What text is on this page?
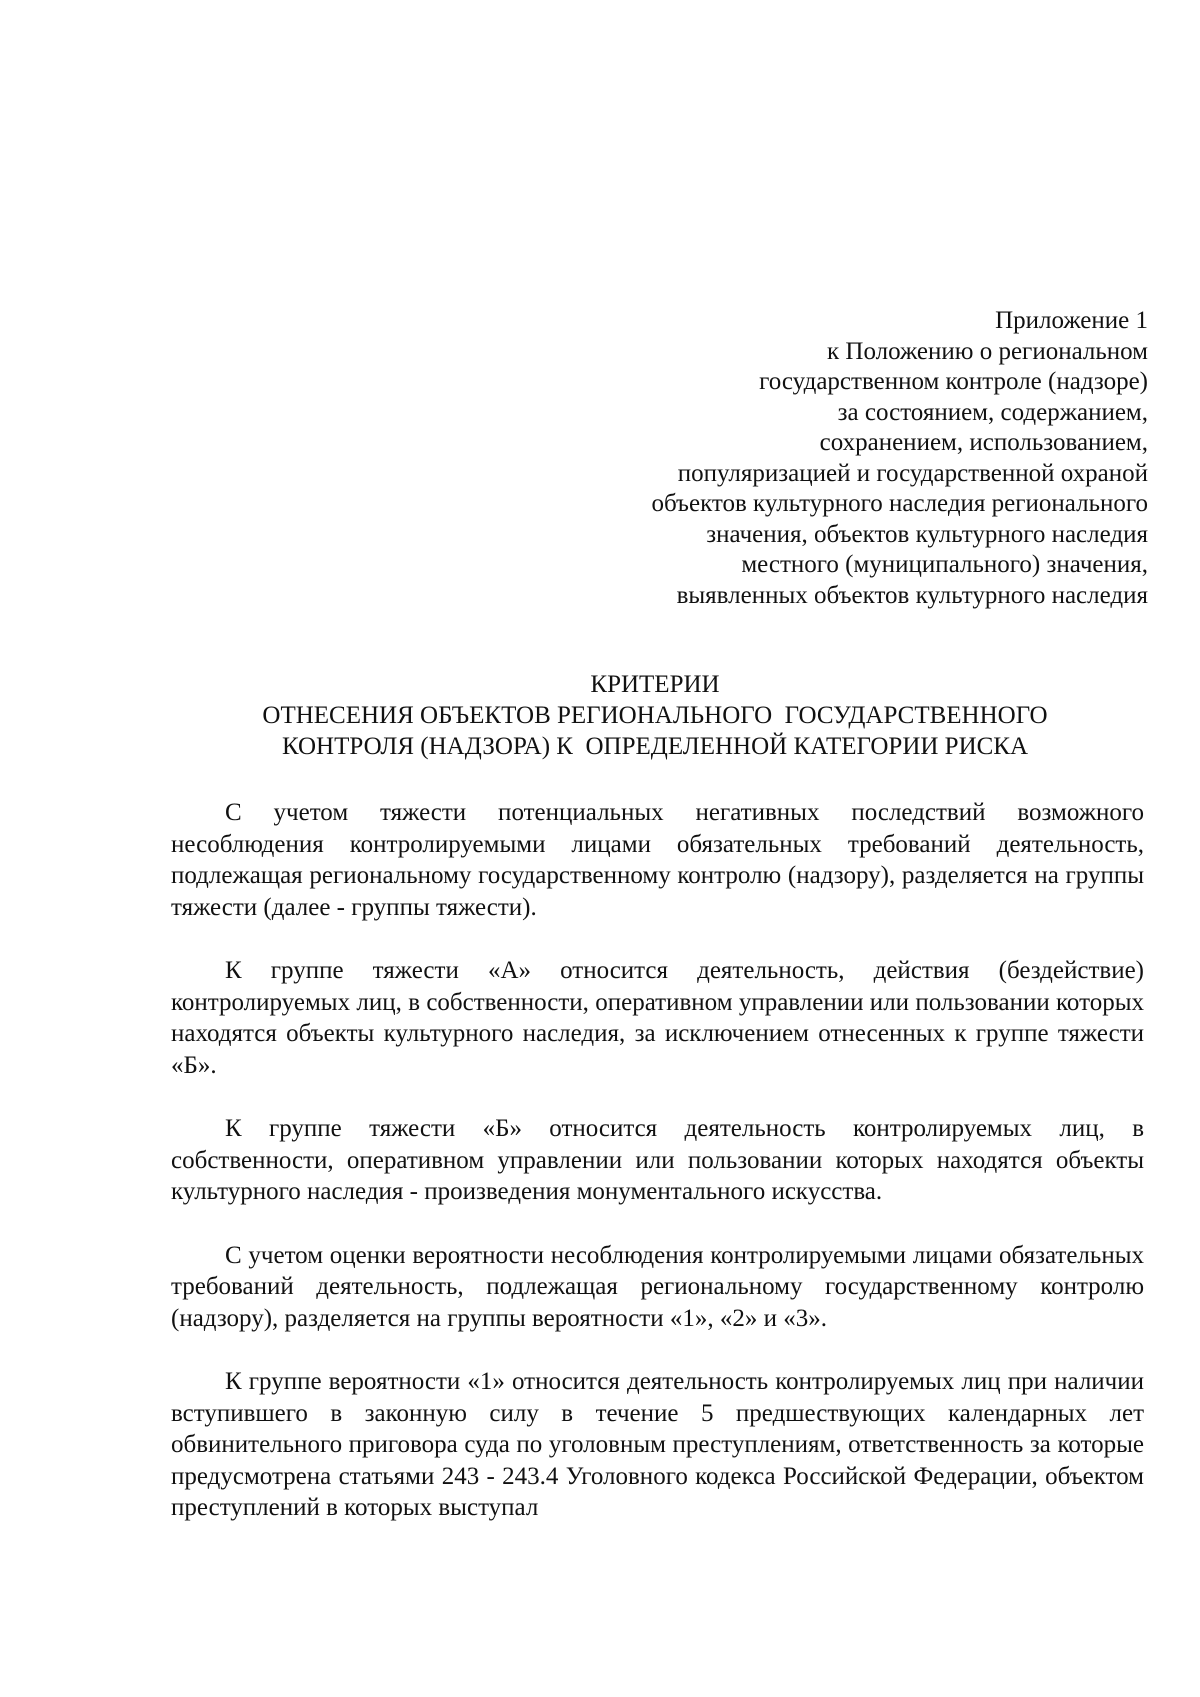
Приложение 1
к Положению о региональном
государственном контроле (надзоре)
за состоянием, содержанием,
сохранением, использованием,
популяризацией и государственной охраной
объектов культурного наследия регионального
значения, объектов культурного наследия
местного (муниципального) значения,
выявленных объектов культурного наследия
КРИТЕРИИ
ОТНЕСЕНИЯ ОБЪЕКТОВ РЕГИОНАЛЬНОГО  ГОСУДАРСТВЕННОГО
КОНТРОЛЯ (НАДЗОРА) К  ОПРЕДЕЛЕННОЙ КАТЕГОРИИ РИСКА

С учетом тяжести потенциальных негативных последствий возможного несоблюдения контролируемыми лицами обязательных требований деятельность, подлежащая региональному государственному контролю (надзору), разделяется на группы тяжести (далее - группы тяжести).

К группе тяжести «А» относится деятельность, действия (бездействие) контролируемых лиц, в собственности, оперативном управлении или пользовании которых находятся объекты культурного наследия, за исключением отнесенных к группе тяжести «Б».

К группе тяжести «Б» относится деятельность контролируемых лиц, в собственности, оперативном управлении или пользовании которых находятся объекты культурного наследия - произведения монументального искусства.

С учетом оценки вероятности несоблюдения контролируемыми лицами обязательных требований деятельность, подлежащая региональному государственному контролю (надзору), разделяется на группы вероятности «1», «2» и «3».

К группе вероятности «1» относится деятельность контролируемых лиц при наличии вступившего в законную силу в течение 5 предшествующих календарных лет обвинительного приговора суда по уголовным преступлениям, ответственность за которые предусмотрена статьями 243 - 243.4 Уголовного кодекса Российской Федерации, объектом преступлений в которых выступал
